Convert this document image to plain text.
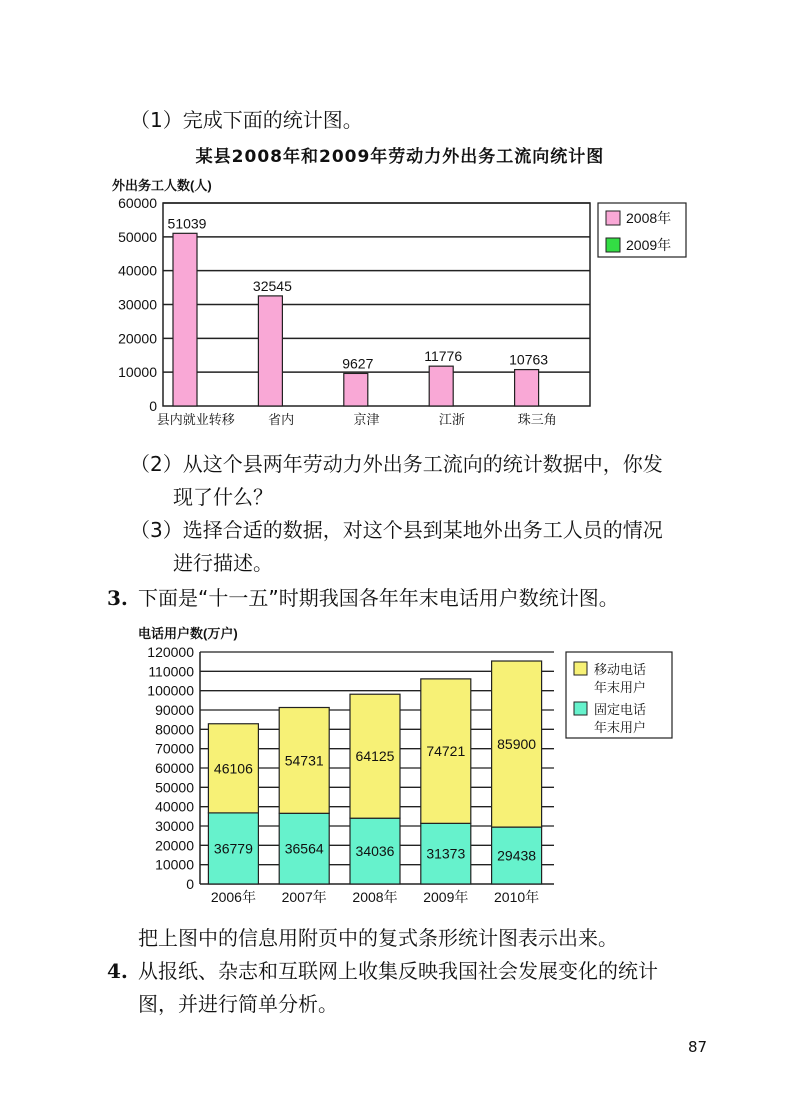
（1）完成下面的统计图。
某县2008年和2009年劳动力外出务工流向统计图
外出务工人数(人)
0
10000
20000
30000
40000
50000
60000
51039
县内就业转移
32545
省内
9627
京津
11776
江浙
10763
珠三角
2008年
2009年
（2）从这个县两年劳动力外出务工流向的统计数据中，你发
现了什么？
（3）选择合适的数据，对这个县到某地外出务工人员的情况
进行描述。
3. 下面是“十一五”时期我国各年年末电话用户数统计图。
电话用户数(万户)
0
10000
20000
30000
40000
50000
60000
70000
80000
90000
100000
110000
120000
36779
46106
2006年
36564
54731
2007年
34036
64125
2008年
31373
74721
2009年
29438
85900
2010年
移动电话
年末用户
固定电话
年末用户
把上图中的信息用附页中的复式条形统计图表示出来。
4. 从报纸、杂志和互联网上收集反映我国社会发展变化的统计
图，并进行简单分析。
87
